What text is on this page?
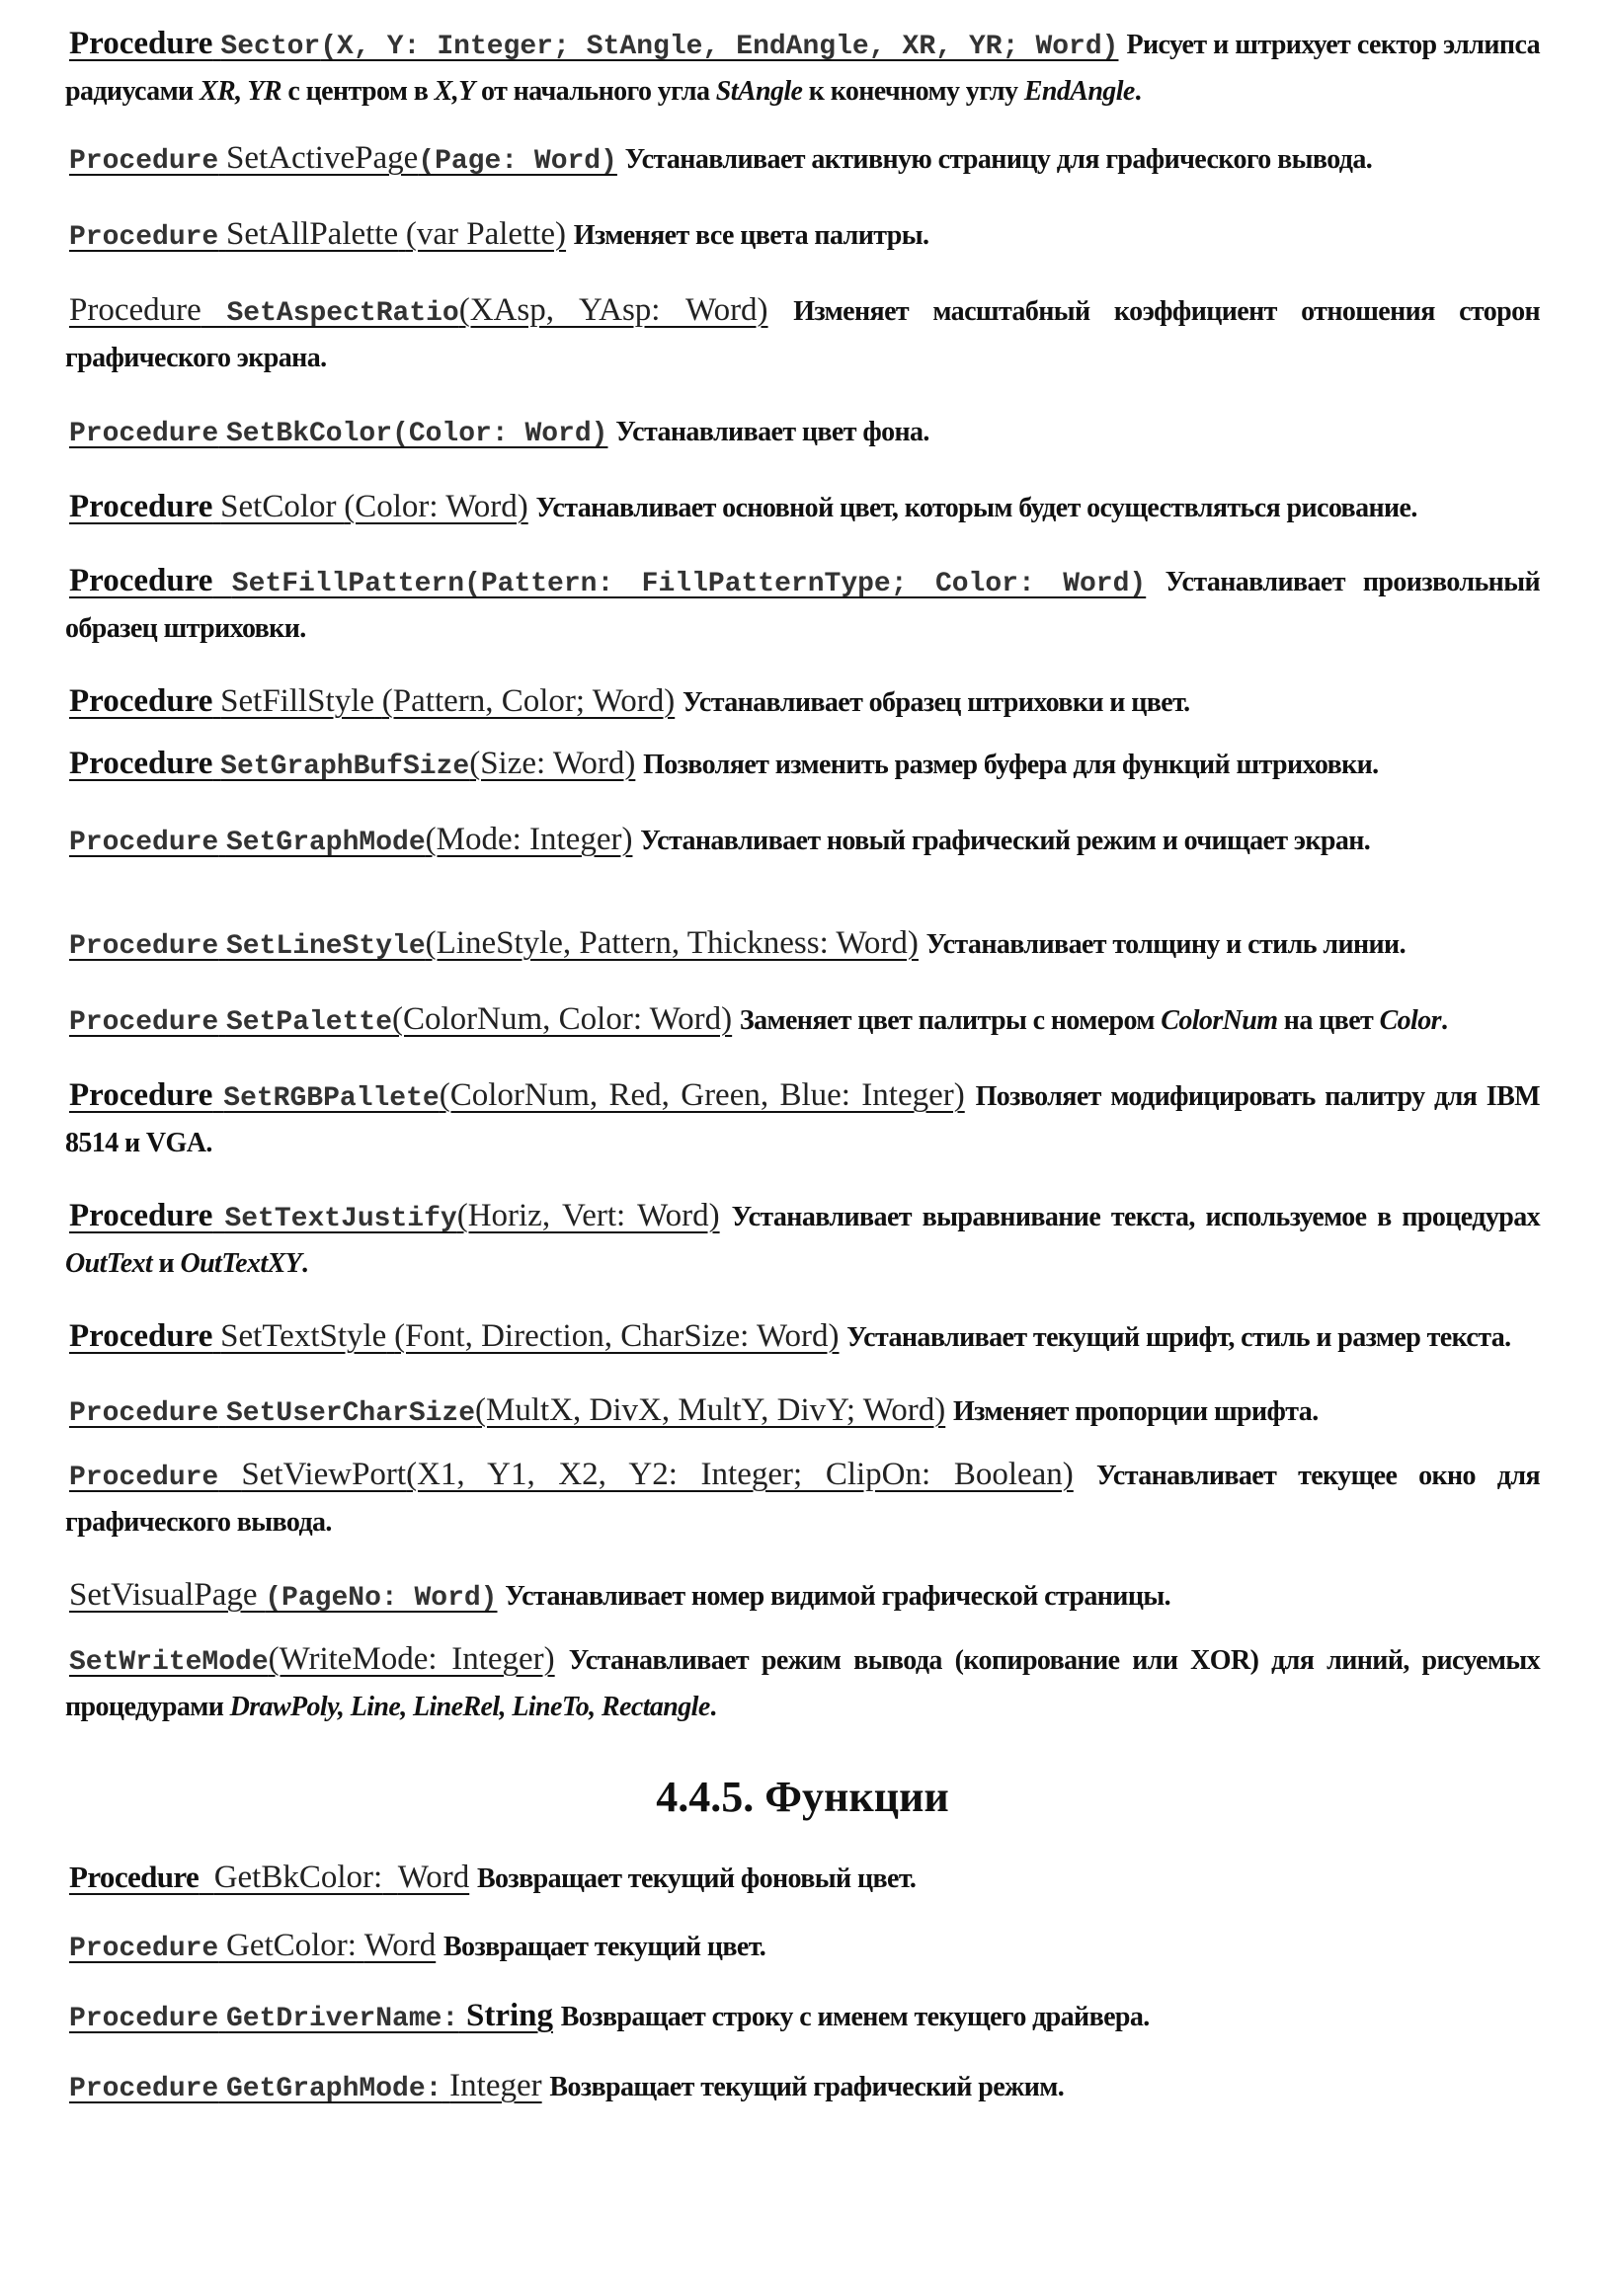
Procedure Sector(X, Y: Integer; StAngle, EndAngle, XR, YR; Word) Рисует и штрихует сектор эллипса радиусами XR, YR с центром в X,Y от начального угла StAngle к конечному углу EndAngle.

Procedure SetActivePage(Page: Word) Устанавливает активную страницу для графического вывода.

Procedure SetAllPalette (var Palette) Изменяет все цвета палитры.

Procedure SetAspectRatio(XAsp, YAsp: Word) Изменяет масштабный коэффициент отношения сторон графического экрана.

Procedure SetBkColor(Color: Word) Устанавливает цвет фона.

Procedure SetColor (Color: Word) Устанавливает основной цвет, которым будет осуществляться рисование.

Procedure SetFillPattern(Pattern: FillPatternType; Color: Word) Устанавливает произвольный образец штриховки.

Procedure SetFillStyle (Pattern, Color; Word) Устанавливает образец штриховки и цвет.

Procedure SetGraphBufSize(Size: Word) Позволяет изменить размер буфера для функций штриховки.

Procedure SetGraphMode(Mode: Integer) Устанавливает новый графический режим и очищает экран.

Procedure SetLineStyle(LineStyle, Pattern, Thickness: Word) Устанавливает толщину и стиль линии.

Procedure SetPalette(ColorNum, Color: Word) Заменяет цвет палитры с номером ColorNum на цвет Color.

Procedure SetRGBPallete(ColorNum, Red, Green, Blue: Integer) Позволяет модифицировать палитру для IBM 8514 и VGA.

Procedure SetTextJustify(Horiz, Vert: Word) Устанавливает выравнивание текста, используемое в процедурах OutText и OutTextXY.

Procedure SetTextStyle (Font, Direction, CharSize: Word) Устанавливает текущий шрифт, стиль и размер текста.

Procedure SetUserCharSize(MultX, DivX, MultY, DivY; Word) Изменяет пропорции шрифта.

Procedure SetViewPort(X1, Y1, X2, Y2: Integer; ClipOn: Boolean) Устанавливает текущее окно для графического вывода.

SetVisualPage (PageNo: Word) Устанавливает номер видимой графической страницы.

SetWriteMode(WriteMode: Integer) Устанавливает режим вывода (копирование или XOR) для линий, рисуемых процедурами DrawPoly, Line, LineRel, LineTo, Rectangle.

4.4.5. Функции

Procedure GetBkColor: Word Возвращает текущий фоновый цвет.

Procedure GetColor: Word Возвращает текущий цвет.

Procedure GetDriverName: String Возвращает строку с именем текущего драйвера.

Procedure GetGraphMode: Integer Возвращает текущий графический режим.
